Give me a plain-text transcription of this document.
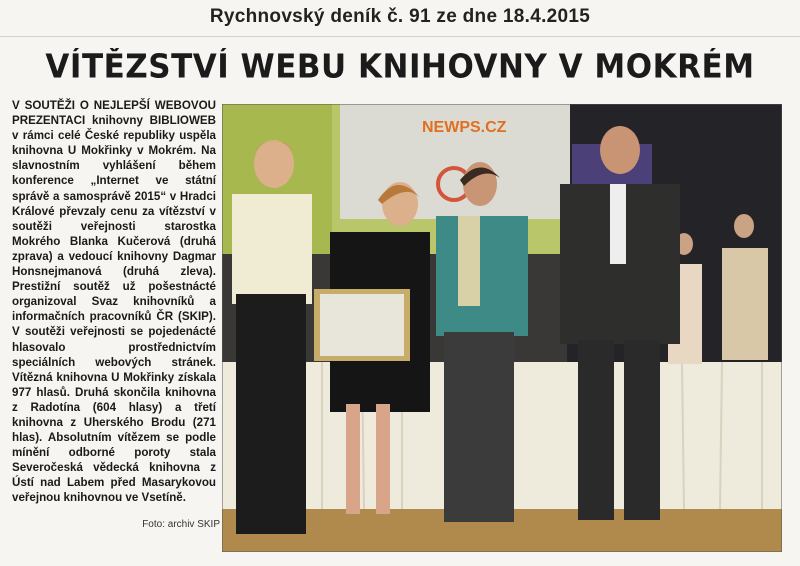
Rychnovský deník č. 91 ze dne 18.4.2015
VÍTĚZSTVÍ WEBU KNIHOVNY V MOKRÉM
V SOUTĚŽI O NEJLEPŠÍ WEBOVOU PREZENTACI knihovny BIBLIOWEB v rámci celé České republiky uspěla knihovna U Mokřinky v Mokrém. Na slavnostním vyhlášení během konference „Internet ve státní správě a samosprávě 2015“ v Hradci Králové převzaly cenu za vítězství v soutěži veřejnosti starostka Mokrého Blanka Kučerová (druhá zprava) a vedoucí knihovny Dagmar Honsnejmanová (druhá zleva). Prestižní soutěž už pošestnácté organizoval Svaz knihovníků a informačních pracovníků ČR (SKIP). V soutěži veřejnosti se pojedenácté hlasovalo prostřednictvím speciálních webových stránek. Vítězná knihovna U Mokřinky získala 977 hlasů. Druhá skončila knihovna z Radotína (604 hlasy) a třetí knihovna z Uherského Brodu (271 hlas). Absolutním vítězem se podle mínění odborné poroty stala Severočeská vědecká knihovna z Ústí nad Labem před Masarykovou veřejnou knihovnou ve Vsetíně.
NEWPS.CZ
Foto: archiv SKIP
